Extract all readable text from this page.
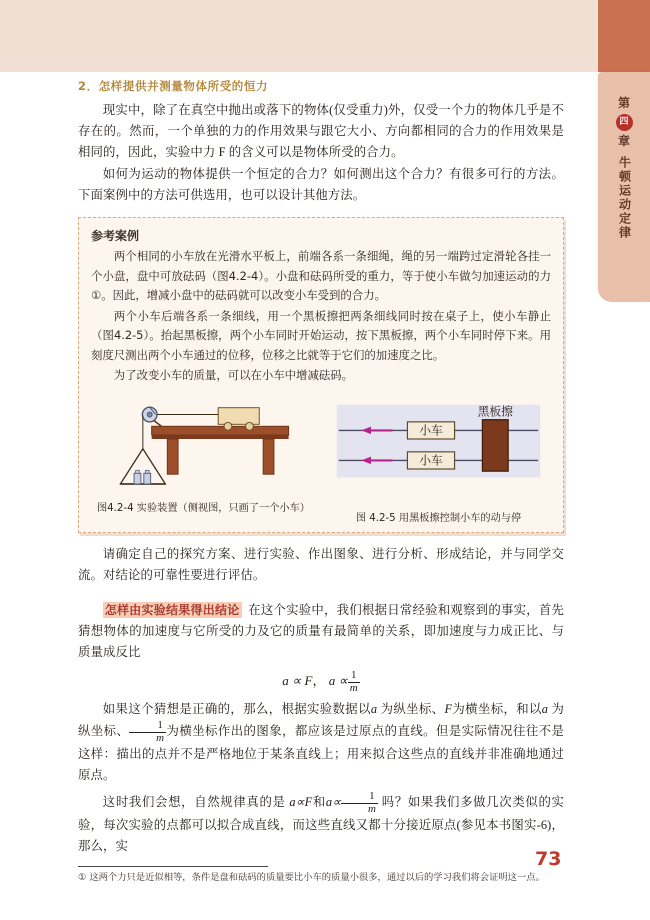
第
四
章
牛顿运动定律
2．怎样提供并测量物体所受的恒力

现实中，除了在真空中抛出或落下的物体(仅受重力)外，仅受一个力的物体几乎是不存在的。然而，一个单独的力的作用效果与跟它大小、方向都相同的合力的作用效果是相同的，因此，实验中力 F 的含义可以是物体所受的合力。

如何为运动的物体提供一个恒定的合力？如何测出这个合力？有很多可行的方法。下面案例中的方法可供选用，也可以设计其他方法。

参考案例

两个相同的小车放在光滑水平板上，前端各系一条细绳，绳的另一端跨过定滑轮各挂一个小盘，盘中可放砝码（图4.2-4）。小盘和砝码所受的重力，等于使小车做匀加速运动的力①。因此，增减小盘中的砝码就可以改变小车受到的合力。

两个小车后端各系一条细线，用一个黑板擦把两条细线同时按在桌子上，使小车静止（图4.2-5）。抬起黑板擦，两个小车同时开始运动，按下黑板擦，两个小车同时停下来。用刻度尺测出两个小车通过的位移，位移之比就等于它们的加速度之比。

为了改变小车的质量，可以在小车中增减砝码。

图4.2-4 实验装置（侧视图，只画了一个小车）
小车
小车
黑板擦
图 4.2-5 用黑板擦控制小车的动与停

请确定自己的探究方案、进行实验、作出图象、进行分析、形成结论，并与同学交流。对结论的可靠性要进行评估。

怎样由实验结果得出结论 在这个实验中，我们根据日常经验和观察到的事实，首先猜想物体的加速度与它所受的力及它的质量有最简单的关系，即加速度与力成正比、与质量成反比

a ∝ F， $a \propto \frac{1}{m}$

如果这个猜想是正确的，那么，根据实验数据以a 为纵坐标、F为横坐标，和以a 为纵坐标、 $\frac{1}{m}$ 为横坐标作出的图象，都应该是过原点的直线。但是实际情况往往不是这样：描出的点并不是严格地位于某条直线上；用来拟合这些点的直线并非准确地通过原点。

这时我们会想，自然规律真的是 a∝F和$a\propto \frac{1}{m}$ 吗？如果我们多做几次类似的实验，每次实验的点都可以拟合成直线，而这些直线又都十分接近原点(参见本书图实-6)，那么，实

① 这两个力只是近似相等，条件是盘和砝码的质量要比小车的质量小很多，通过以后的学习我们将会证明这一点。
73
